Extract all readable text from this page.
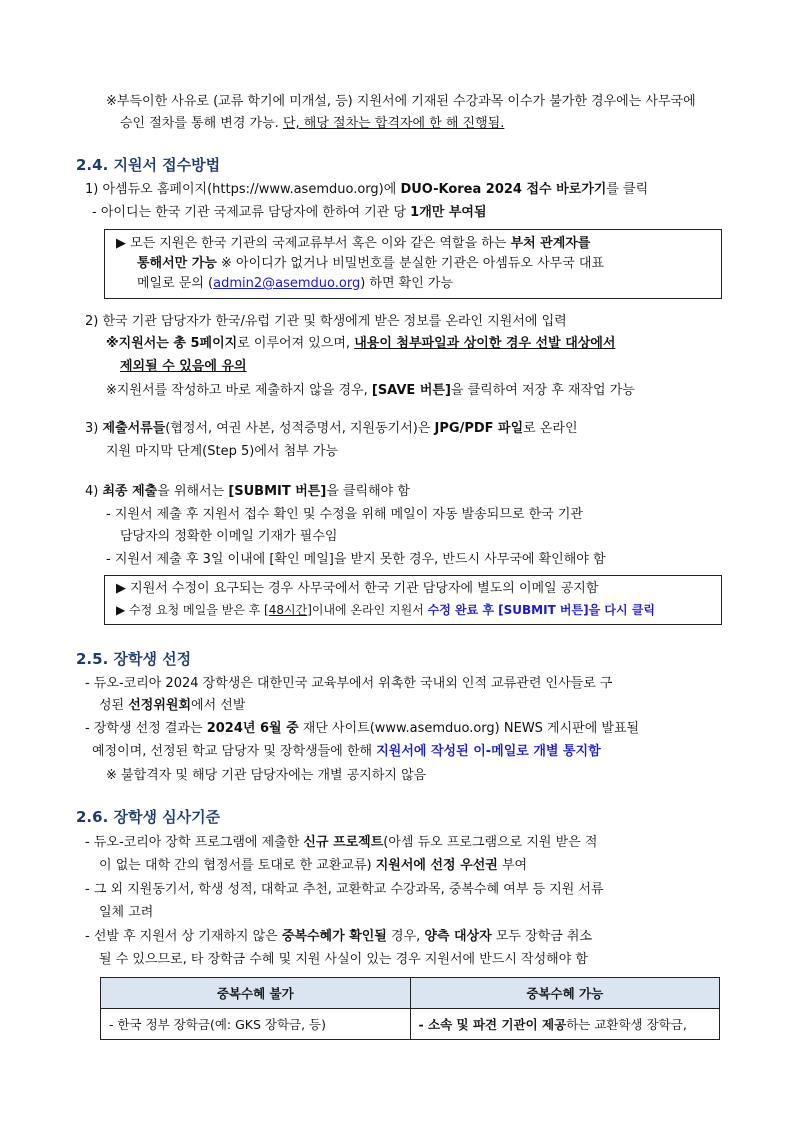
※부득이한 사유로 (교류 학기에 미개설, 등) 지원서에 기재된 수강과목 이수가 불가한 경우에는 사무국에
승인 절차를 통해 변경 가능. 단, 해당 절차는 합격자에 한 해 진행됨.
2.4. 지원서 접수방법
1) 아셈듀오 홈페이지(https://www.asemduo.org)에 DUO-Korea 2024 접수 바로가기를 클릭
- 아이디는 한국 기관 국제교류 담당자에 한하여 기관 당 1개만 부여됨
▶ 모든 지원은 한국 기관의 국제교류부서 혹은 이와 같은 역할을 하는 부처 관계자를
통해서만 가능 ※ 아이디가 없거나 비밀번호를 분실한 기관은 아셈듀오 사무국 대표
메일로 문의 (admin2@asemduo.org) 하면 확인 가능
2) 한국 기관 담당자가 한국/유럽 기관 및 학생에게 받은 정보를 온라인 지원서에 입력
※지원서는 총 5페이지로 이루어져 있으며, 내용이 첨부파일과 상이한 경우 선발 대상에서
제외될 수 있음에 유의
※지원서를 작성하고 바로 제출하지 않을 경우, [SAVE 버튼]을 클릭하여 저장 후 재작업 가능
3) 제출서류들(협정서, 여권 사본, 성적증명서, 지원동기서)은 JPG/PDF 파일로 온라인
지원 마지막 단계(Step 5)에서 첨부 가능
4) 최종 제출을 위해서는 [SUBMIT 버튼]을 클릭해야 함
- 지원서 제출 후 지원서 접수 확인 및 수정을 위해 메일이 자동 발송되므로 한국 기관
담당자의 정확한 이메일 기재가 필수임
- 지원서 제출 후 3일 이내에 [확인 메일]을 받지 못한 경우, 반드시 사무국에 확인해야 함
▶ 지원서 수정이 요구되는 경우 사무국에서 한국 기관 담당자에 별도의 이메일 공지함
▶ 수정 요청 메일을 받은 후 [48시간]이내에 온라인 지원서 수정 완료 후 [SUBMIT 버튼]을 다시 클릭
2.5. 장학생 선정
- 듀오-코리아 2024 장학생은 대한민국 교육부에서 위촉한 국내외 인적 교류관련 인사들로 구
성된 선정위원회에서 선발
- 장학생 선정 결과는 2024년 6월 중 재단 사이트(www.asemduo.org) NEWS 게시판에 발표될
예정이며, 선정된 학교 담당자 및 장학생들에 한해 지원서에 작성된 이-메일로 개별 통지함
※ 불합격자 및 해당 기관 담당자에는 개별 공지하지 않음
2.6. 장학생 심사기준
- 듀오-코리아 장학 프로그램에 제출한 신규 프로젝트(아셈 듀오 프로그램으로 지원 받은 적
이 없는 대학 간의 협정서를 토대로 한 교환교류) 지원서에 선정 우선권 부여
- 그 외 지원동기서, 학생 성적, 대학교 추천, 교환학교 수강과목, 중복수혜 여부 등 지원 서류
일체 고려
- 선발 후 지원서 상 기재하지 않은 중복수혜가 확인될 경우, 양측 대상자 모두 장학금 취소
될 수 있으므로, 타 장학금 수혜 및 지원 사실이 있는 경우 지원서에 반드시 작성해야 함
중복수혜 불가	중복수혜 가능
- 한국 정부 장학금(예: GKS 장학금, 등)	- 소속 및 파견 기관이 제공하는 교환학생 장학금,
